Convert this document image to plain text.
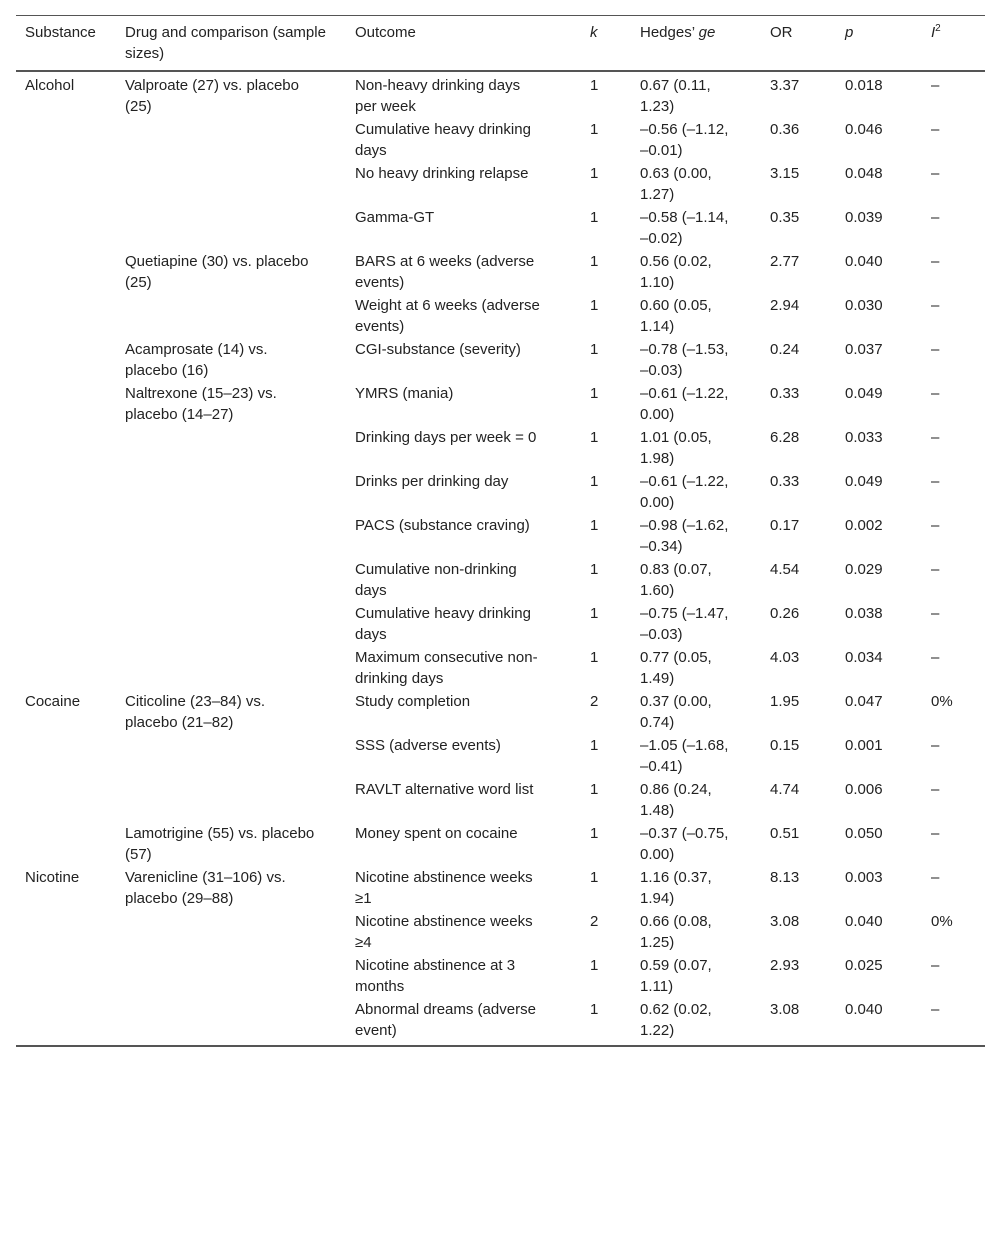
Substance	Drug and comparison (sample sizes)	Outcome	k	Hedges’ ge	OR	p	$I^2$
Alcohol	Valproate (27) vs. placebo (25)	Non-heavy drinking days per week	1	0.67 (0.11, 1.23)	3.37	0.018	–
		Cumulative heavy drinking days	1	–0.56 (–1.12, –0.01)	0.36	0.046	–
		No heavy drinking relapse	1	0.63 (0.00, 1.27)	3.15	0.048	–
		Gamma-GT	1	–0.58 (–1.14, –0.02)	0.35	0.039	–
	Quetiapine (30) vs. placebo (25)	BARS at 6 weeks (adverse events)	1	0.56 (0.02, 1.10)	2.77	0.040	–
		Weight at 6 weeks (adverse events)	1	0.60 (0.05, 1.14)	2.94	0.030	–
	Acamprosate (14) vs. placebo (16)	CGI-substance (severity)	1	–0.78 (–1.53, –0.03)	0.24	0.037	–
	Naltrexone (15–23) vs. placebo (14–27)	YMRS (mania)	1	–0.61 (–1.22, 0.00)	0.33	0.049	–
		Drinking days per week = 0	1	1.01 (0.05, 1.98)	6.28	0.033	–
		Drinks per drinking day	1	–0.61 (–1.22, 0.00)	0.33	0.049	–
		PACS (substance craving)	1	–0.98 (–1.62, –0.34)	0.17	0.002	–
		Cumulative non-drinking days	1	0.83 (0.07, 1.60)	4.54	0.029	–
		Cumulative heavy drinking days	1	–0.75 (–1.47, –0.03)	0.26	0.038	–
		Maximum consecutive non-drinking days	1	0.77 (0.05, 1.49)	4.03	0.034	–
Cocaine	Citicoline (23–84) vs. placebo (21–82)	Study completion	2	0.37 (0.00, 0.74)	1.95	0.047	0%
		SSS (adverse events)	1	–1.05 (–1.68, –0.41)	0.15	0.001	–
		RAVLT alternative word list	1	0.86 (0.24, 1.48)	4.74	0.006	–
	Lamotrigine (55) vs. placebo (57)	Money spent on cocaine	1	–0.37 (–0.75, 0.00)	0.51	0.050	–
Nicotine	Varenicline (31–106) vs. placebo (29–88)	Nicotine abstinence weeks ≥1	1	1.16 (0.37, 1.94)	8.13	0.003	–
		Nicotine abstinence weeks ≥4	2	0.66 (0.08, 1.25)	3.08	0.040	0%
		Nicotine abstinence at 3 months	1	0.59 (0.07, 1.11)	2.93	0.025	–
		Abnormal dreams (adverse event)	1	0.62 (0.02, 1.22)	3.08	0.040	–
